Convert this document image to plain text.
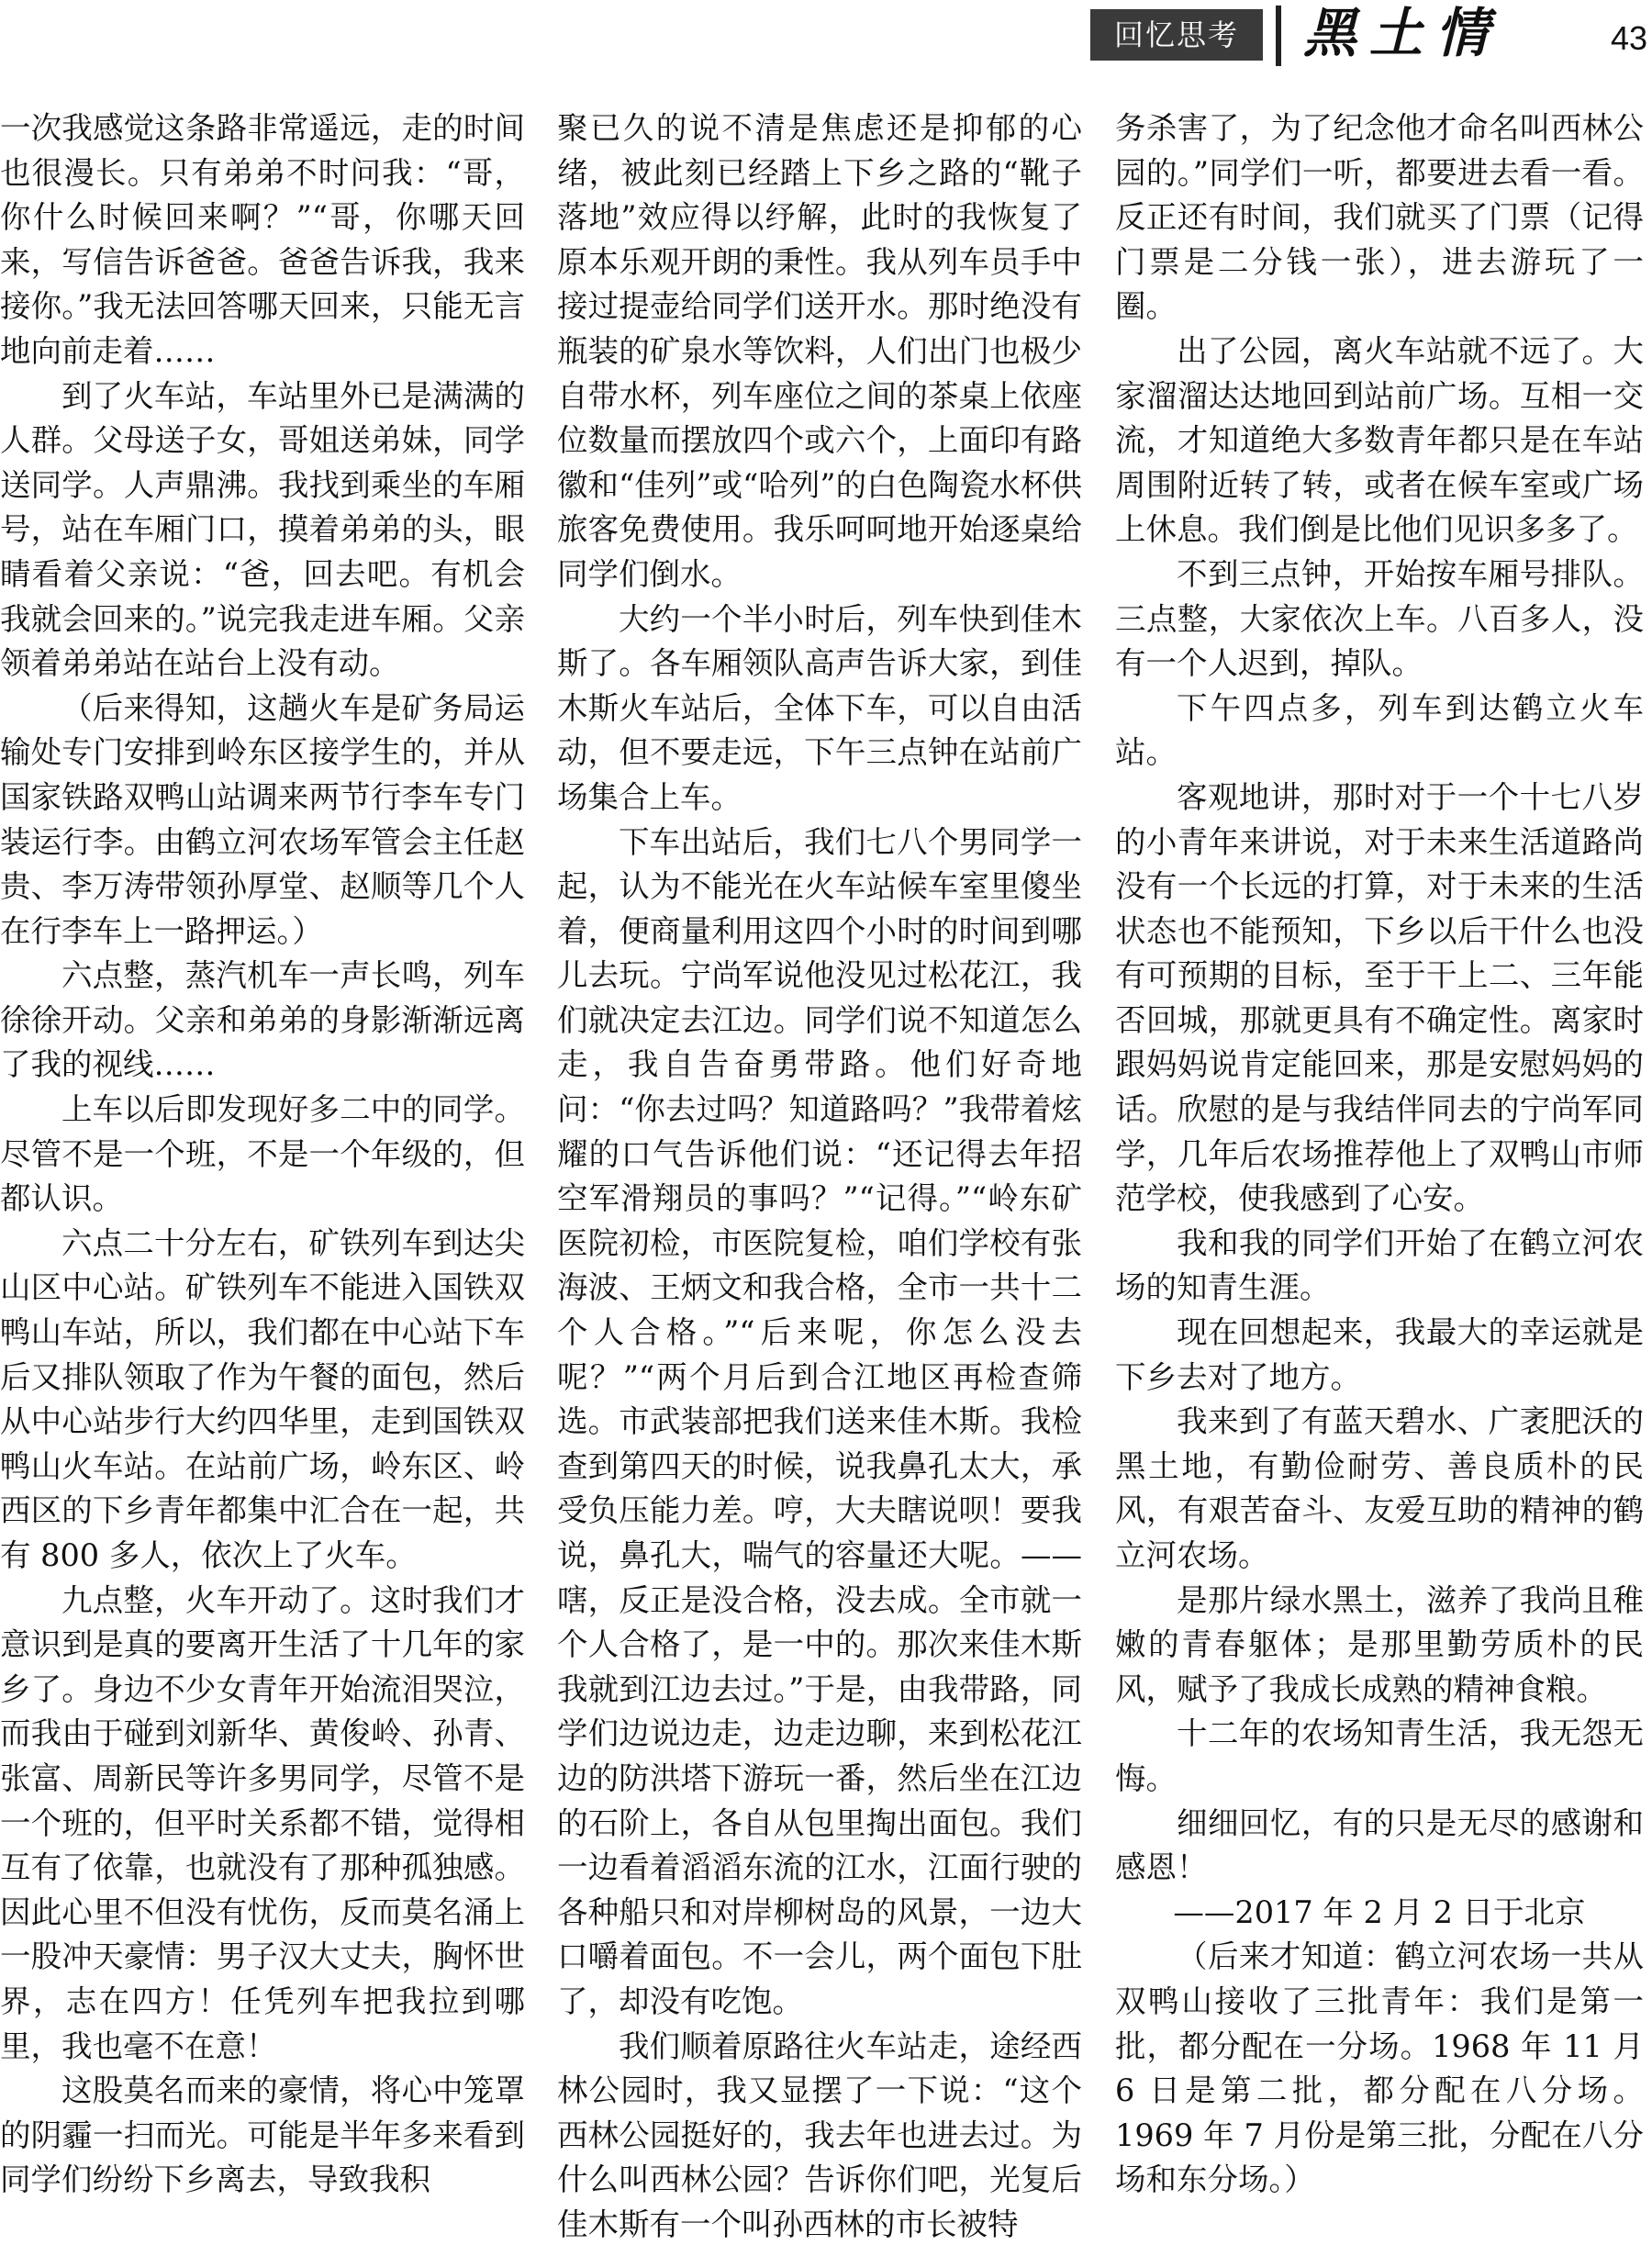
回忆思考	黑土情	43

一次我感觉这条路非常遥远，走的时间也很漫长。只有弟弟不时问我：“哥，你什么时候回来啊？”“哥，你哪天回来，写信告诉爸爸。爸爸告诉我，我来接你。”我无法回答哪天回来，只能无言地向前走着……

到了火车站，车站里外已是满满的人群。父母送子女，哥姐送弟妹，同学送同学。人声鼎沸。我找到乘坐的车厢号，站在车厢门口，摸着弟弟的头，眼睛看着父亲说：“爸，回去吧。有机会我就会回来的。”说完我走进车厢。父亲领着弟弟站在站台上没有动。

（后来得知，这趟火车是矿务局运输处专门安排到岭东区接学生的，并从国家铁路双鸭山站调来两节行李车专门装运行李。由鹤立河农场军管会主任赵贵、李万涛带领孙厚堂、赵顺等几个人在行李车上一路押运。）

六点整，蒸汽机车一声长鸣，列车徐徐开动。父亲和弟弟的身影渐渐远离了我的视线……

上车以后即发现好多二中的同学。尽管不是一个班，不是一个年级的，但都认识。

六点二十分左右，矿铁列车到达尖山区中心站。矿铁列车不能进入国铁双鸭山车站，所以，我们都在中心站下车后又排队领取了作为午餐的面包，然后从中心站步行大约四华里，走到国铁双鸭山火车站。在站前广场，岭东区、岭西区的下乡青年都集中汇合在一起，共有 800 多人，依次上了火车。

九点整，火车开动了。这时我们才意识到是真的要离开生活了十几年的家乡了。身边不少女青年开始流泪哭泣，而我由于碰到刘新华、黄俊岭、孙青、张富、周新民等许多男同学，尽管不是一个班的，但平时关系都不错，觉得相互有了依靠，也就没有了那种孤独感。因此心里不但没有忧伤，反而莫名涌上一股冲天豪情：男子汉大丈夫，胸怀世界，志在四方！任凭列车把我拉到哪里，我也毫不在意！

这股莫名而来的豪情，将心中笼罩的阴霾一扫而光。可能是半年多来看到同学们纷纷下乡离去，导致我积

聚已久的说不清是焦虑还是抑郁的心绪，被此刻已经踏上下乡之路的“靴子落地”效应得以纾解，此时的我恢复了原本乐观开朗的秉性。我从列车员手中接过提壶给同学们送开水。那时绝没有瓶装的矿泉水等饮料，人们出门也极少自带水杯，列车座位之间的茶桌上依座位数量而摆放四个或六个，上面印有路徽和“佳列”或“哈列”的白色陶瓷水杯供旅客免费使用。我乐呵呵地开始逐桌给同学们倒水。

大约一个半小时后，列车快到佳木斯了。各车厢领队高声告诉大家，到佳木斯火车站后，全体下车，可以自由活动，但不要走远，下午三点钟在站前广场集合上车。

下车出站后，我们七八个男同学一起，认为不能光在火车站候车室里傻坐着，便商量利用这四个小时的时间到哪儿去玩。宁尚军说他没见过松花江，我们就决定去江边。同学们说不知道怎么走，我自告奋勇带路。他们好奇地问：“你去过吗？知道路吗？”我带着炫耀的口气告诉他们说：“还记得去年招空军滑翔员的事吗？”“记得。”“岭东矿医院初检，市医院复检，咱们学校有张海波、王炳文和我合格，全市一共十二个人合格。”“后来呢，你怎么没去呢？”“两个月后到合江地区再检查筛选。市武装部把我们送来佳木斯。我检查到第四天的时候，说我鼻孔太大，承受负压能力差。哼，大夫瞎说呗！要我说，鼻孔大，喘气的容量还大呢。——嗐，反正是没合格，没去成。全市就一个人合格了，是一中的。那次来佳木斯我就到江边去过。”于是，由我带路，同学们边说边走，边走边聊，来到松花江边的防洪塔下游玩一番，然后坐在江边的石阶上，各自从包里掏出面包。我们一边看着滔滔东流的江水，江面行驶的各种船只和对岸柳树岛的风景，一边大口嚼着面包。不一会儿，两个面包下肚了，却没有吃饱。

我们顺着原路往火车站走，途经西林公园时，我又显摆了一下说：“这个西林公园挺好的，我去年也进去过。为什么叫西林公园？告诉你们吧，光复后佳木斯有一个叫孙西林的市长被特

务杀害了，为了纪念他才命名叫西林公园的。”同学们一听，都要进去看一看。反正还有时间，我们就买了门票（记得门票是二分钱一张），进去游玩了一圈。

出了公园，离火车站就不远了。大家溜溜达达地回到站前广场。互相一交流，才知道绝大多数青年都只是在车站周围附近转了转，或者在候车室或广场上休息。我们倒是比他们见识多多了。

不到三点钟，开始按车厢号排队。三点整，大家依次上车。八百多人，没有一个人迟到，掉队。

下午四点多，列车到达鹤立火车站。

客观地讲，那时对于一个十七八岁的小青年来讲说，对于未来生活道路尚没有一个长远的打算，对于未来的生活状态也不能预知，下乡以后干什么也没有可预期的目标，至于干上二、三年能否回城，那就更具有不确定性。离家时跟妈妈说肯定能回来，那是安慰妈妈的话。欣慰的是与我结伴同去的宁尚军同学，几年后农场推荐他上了双鸭山市师范学校，使我感到了心安。

我和我的同学们开始了在鹤立河农场的知青生涯。

现在回想起来，我最大的幸运就是下乡去对了地方。

我来到了有蓝天碧水、广袤肥沃的黑土地，有勤俭耐劳、善良质朴的民风，有艰苦奋斗、友爱互助的精神的鹤立河农场。

是那片绿水黑土，滋养了我尚且稚嫩的青春躯体；是那里勤劳质朴的民风，赋予了我成长成熟的精神食粮。

十二年的农场知青生活，我无怨无悔。

细细回忆，有的只是无尽的感谢和感恩！

——2017 年 2 月 2 日于北京

（后来才知道：鹤立河农场一共从双鸭山接收了三批青年：我们是第一批，都分配在一分场。1968 年 11 月 6 日是第二批，都分配在八分场。1969 年 7 月份是第三批，分配在八分场和东分场。）
